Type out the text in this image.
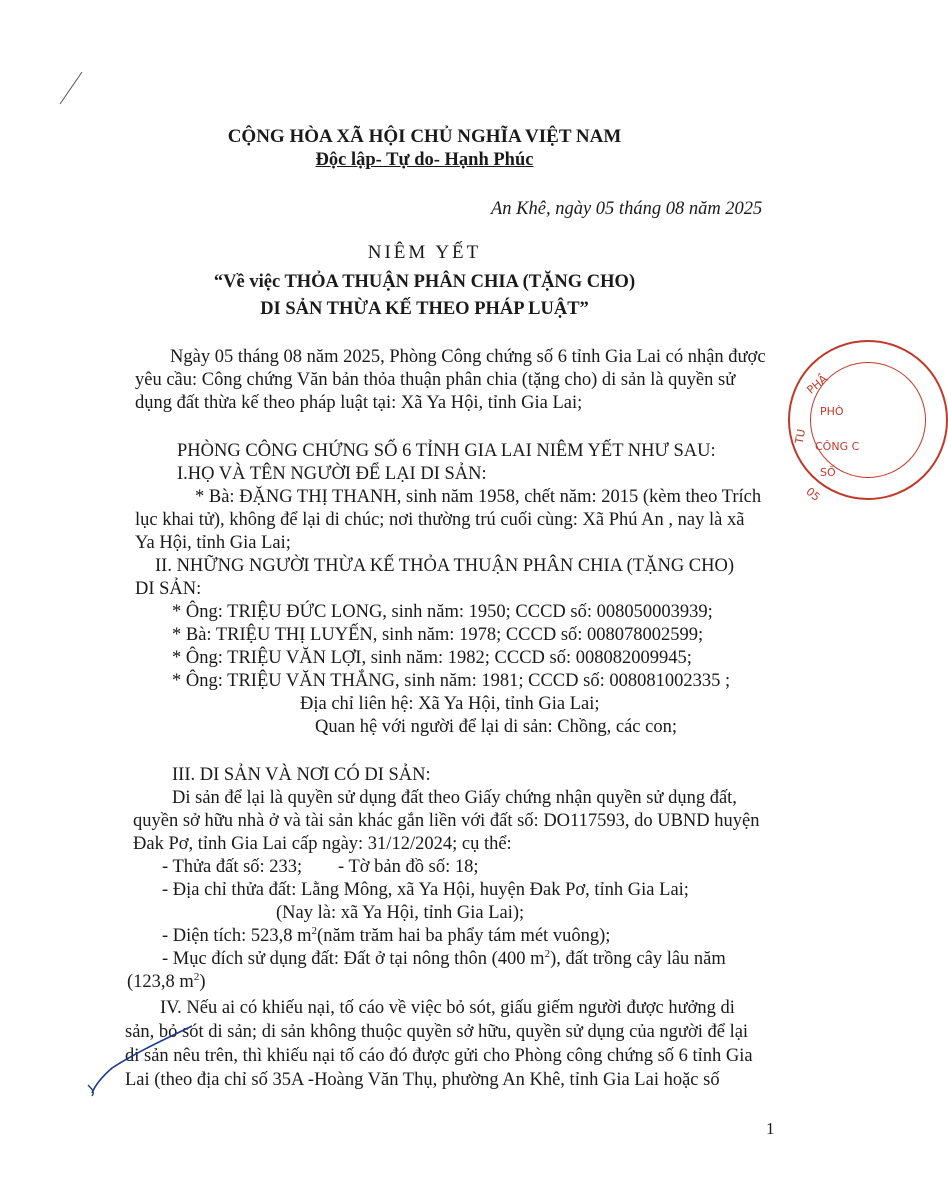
CỘNG HÒA XÃ HỘI CHỦ NGHĨA VIỆT NAM
Độc lập- Tự do- Hạnh Phúc
An Khê, ngày 05 tháng 08 năm 2025
NIÊM YẾT
“Về việc THỎA THUẬN PHÂN CHIA (TẶNG CHO)
DI SẢN THỪA KẾ THEO PHÁP LUẬT”
Ngày 05 tháng 08 năm 2025, Phòng Công chứng số 6 tỉnh Gia Lai có nhận được
yêu cầu: Công chứng Văn bản thỏa thuận phân chia (tặng cho) di sản là quyền sử
dụng đất thừa kế theo pháp luật tại: Xã Ya Hội, tỉnh Gia Lai;
PHÒNG CÔNG CHỨNG SỐ 6 TỈNH GIA LAI NIÊM YẾT NHƯ SAU:
I.HỌ VÀ TÊN NGƯỜI ĐỂ LẠI DI SẢN:
* Bà: ĐẶNG THỊ THANH, sinh năm 1958, chết năm: 2015 (kèm theo Trích
lục khai tử), không để lại di chúc; nơi thường trú cuối cùng: Xã Phú An , nay là xã
Ya Hội, tỉnh Gia Lai;
II. NHỮNG NGƯỜI THỪA KẾ THỎA THUẬN PHÂN CHIA (TẶNG CHO)
DI SẢN:
* Ông: TRIỆU ĐỨC LONG, sinh năm: 1950; CCCD số: 008050003939;
* Bà: TRIỆU THỊ LUYẾN, sinh năm: 1978; CCCD số: 008078002599;
* Ông: TRIỆU VĂN LỢI, sinh năm: 1982; CCCD số: 008082009945;
* Ông: TRIỆU VĂN THẮNG, sinh năm: 1981; CCCD số: 008081002335 ;
Địa chỉ liên hệ: Xã Ya Hội, tỉnh Gia Lai;
Quan hệ với người để lại di sản: Chồng, các con;
III. DI SẢN VÀ NƠI CÓ DI SẢN:
Di sản để lại là quyền sử dụng đất theo Giấy chứng nhận quyền sử dụng đất,
quyền sở hữu nhà ở và tài sản khác gắn liền với đất số: DO117593, do UBND huyện
Đak Pơ, tỉnh Gia Lai cấp ngày: 31/12/2024; cụ thể:
- Thửa đất số: 233; - Tờ bản đồ số: 18;
- Địa chỉ thửa đất: Lằng Mông, xã Ya Hội, huyện Đak Pơ, tỉnh Gia Lai;
(Nay là: xã Ya Hội, tỉnh Gia Lai);
- Diện tích: 523,8 $m^2(năm$ trăm hai ba phẩy tám mét vuông);
- Mục đích sử dụng đất: Đất ở tại nông thôn (400 $m^2$), đất trồng cây lâu năm
(123,8 $m^2$)
IV. Nếu ai có khiếu nại, tố cáo về việc bỏ sót, giấu giếm người được hưởng di
sản, bỏ sót di sản; di sản không thuộc quyền sở hữu, quyền sử dụng của người để lại
di sản nêu trên, thì khiếu nại tố cáo đó được gửi cho Phòng công chứng số 6 tỉnh Gia
Lai (theo địa chỉ số 35A -Hoàng Văn Thụ, phường An Khê, tỉnh Gia Lai hoặc số
1
PHÒ
CÔNG C
SỐ
PHẦ
TU
05
